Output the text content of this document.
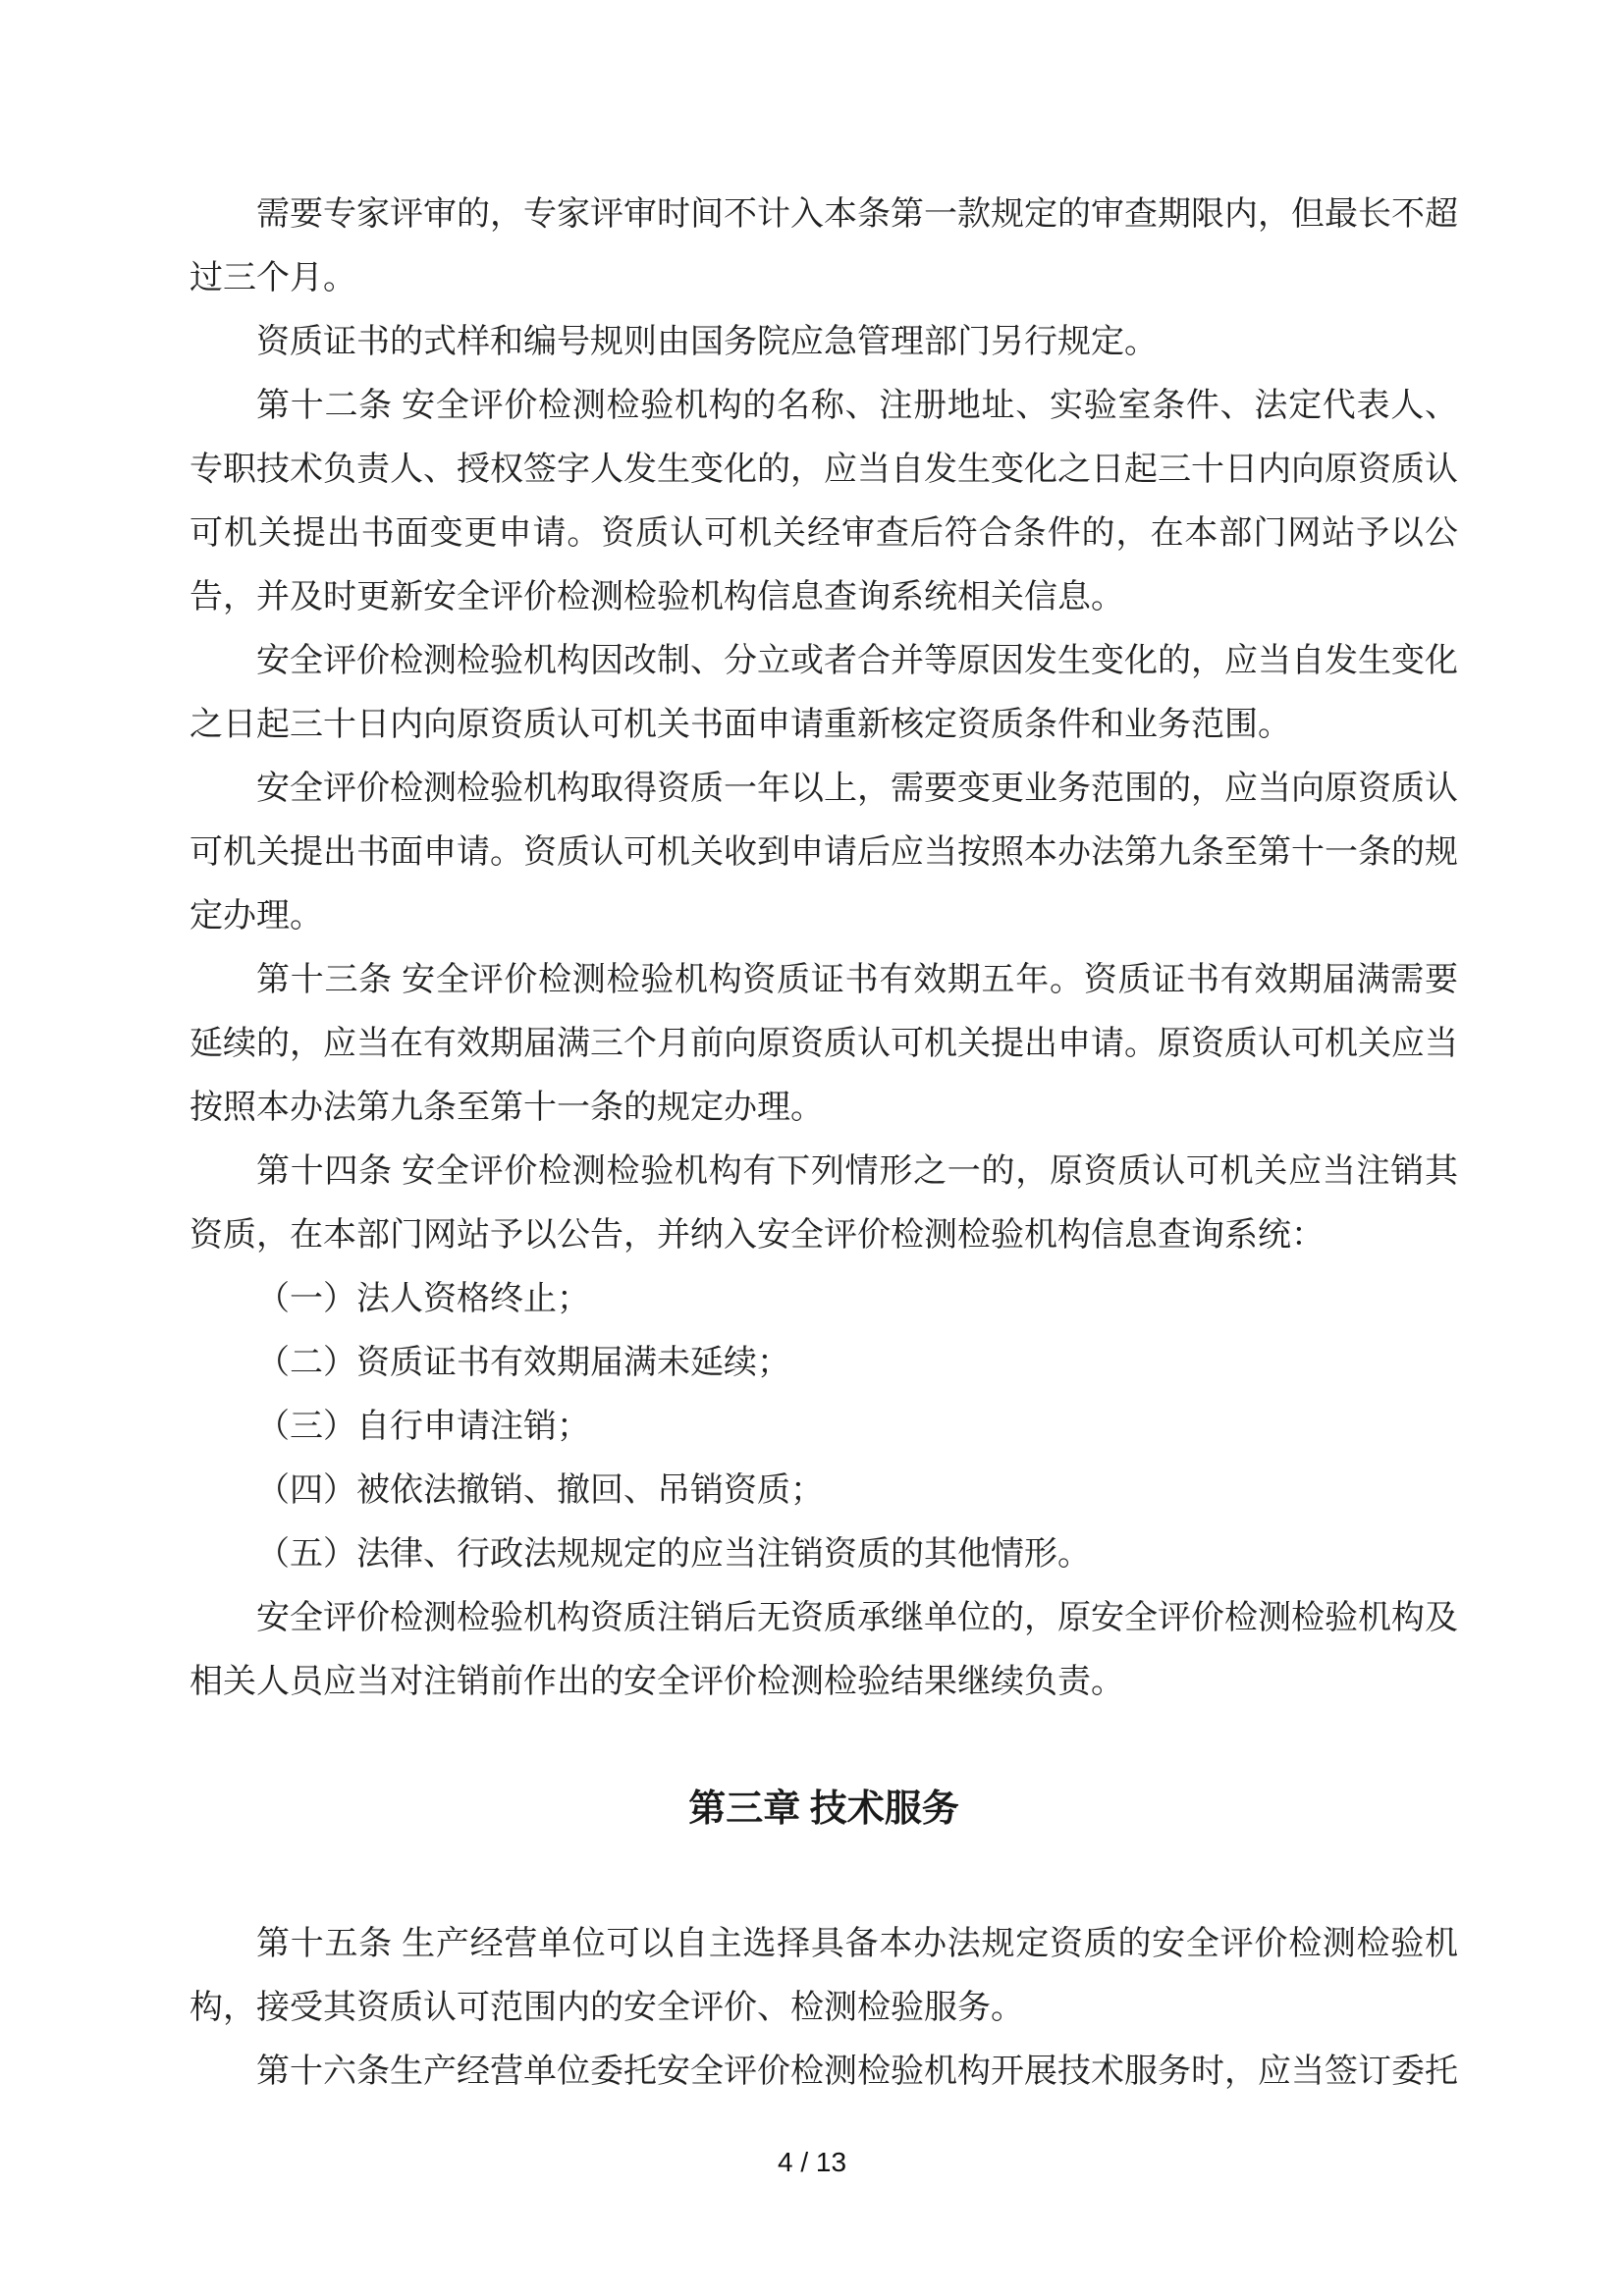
需要专家评审的，专家评审时间不计入本条第一款规定的审查期限内，但最长不超过三个月。

资质证书的式样和编号规则由国务院应急管理部门另行规定。

第十二条 安全评价检测检验机构的名称、注册地址、实验室条件、法定代表人、专职技术负责人、授权签字人发生变化的，应当自发生变化之日起三十日内向原资质认可机关提出书面变更申请。资质认可机关经审查后符合条件的，在本部门网站予以公告，并及时更新安全评价检测检验机构信息查询系统相关信息。

安全评价检测检验机构因改制、分立或者合并等原因发生变化的，应当自发生变化之日起三十日内向原资质认可机关书面申请重新核定资质条件和业务范围。

安全评价检测检验机构取得资质一年以上，需要变更业务范围的，应当向原资质认可机关提出书面申请。资质认可机关收到申请后应当按照本办法第九条至第十一条的规定办理。

第十三条 安全评价检测检验机构资质证书有效期五年。资质证书有效期届满需要延续的，应当在有效期届满三个月前向原资质认可机关提出申请。原资质认可机关应当按照本办法第九条至第十一条的规定办理。

第十四条 安全评价检测检验机构有下列情形之一的，原资质认可机关应当注销其资质，在本部门网站予以公告，并纳入安全评价检测检验机构信息查询系统：

（一）法人资格终止；

（二）资质证书有效期届满未延续；

（三）自行申请注销；

（四）被依法撤销、撤回、吊销资质；

（五）法律、行政法规规定的应当注销资质的其他情形。

安全评价检测检验机构资质注销后无资质承继单位的，原安全评价检测检验机构及相关人员应当对注销前作出的安全评价检测检验结果继续负责。

第三章 技术服务

第十五条 生产经营单位可以自主选择具备本办法规定资质的安全评价检测检验机构，接受其资质认可范围内的安全评价、检测检验服务。

第十六条生产经营单位委托安全评价检测检验机构开展技术服务时，应当签订委托

4 / 13
